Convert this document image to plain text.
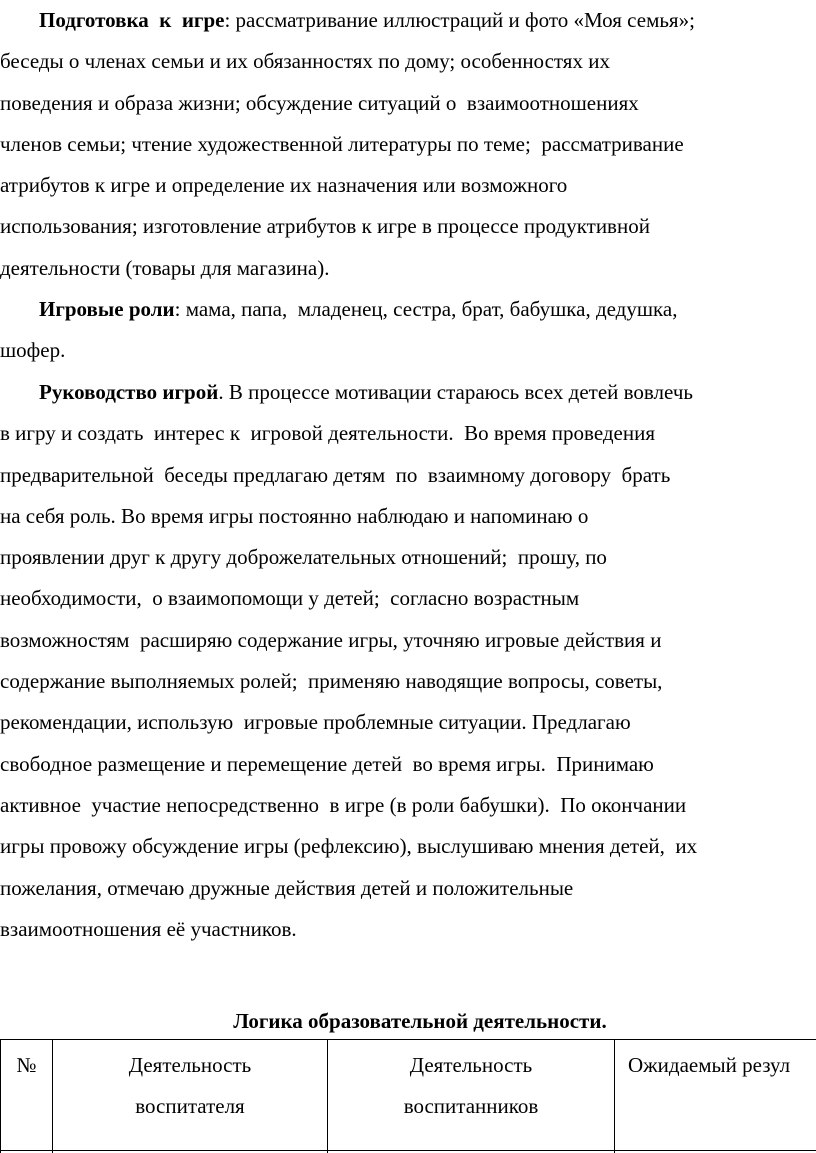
Подготовка  к  игре: рассматривание иллюстраций и фото «Моя семья»;
беседы о членах семьи и их обязанностях по дому; особенностях их
поведения и образа жизни; обсуждение ситуаций о  взаимоотношениях
членов семьи; чтение художественной литературы по теме;  рассматривание
атрибутов к игре и определение их назначения или возможного
использования; изготовление атрибутов к игре в процессе продуктивной
деятельности (товары для магазина).
Игровые роли: мама, папа,  младенец, сестра, брат, бабушка, дедушка,
шофер.
Руководство игрой. В процессе мотивации стараюсь всех детей вовлечь
в игру и создать  интерес к  игровой деятельности.  Во время проведения
предварительной  беседы предлагаю детям  по  взаимному договору  брать
на себя роль. Во время игры постоянно наблюдаю и напоминаю о
проявлении друг к другу доброжелательных отношений;  прошу, по
необходимости,  о взаимопомощи у детей;  согласно возрастным
возможностям  расширяю содержание игры, уточняю игровые действия и
содержание выполняемых ролей;  применяю наводящие вопросы, советы,
рекомендации, использую  игровые проблемные ситуации. Предлагаю
свободное размещение и перемещение детей  во время игры.  Принимаю
активное  участие непосредственно  в игре (в роли бабушки).  По окончании
игры провожу обсуждение игры (рефлексию), выслушиваю мнения детей,  их
пожелания, отмечаю дружные действия детей и положительные
взаимоотношения её участников.
Логика образовательной деятельности.
№	Деятельность
воспитателя
Деятельность
воспитанников
Ожидаемый резул
